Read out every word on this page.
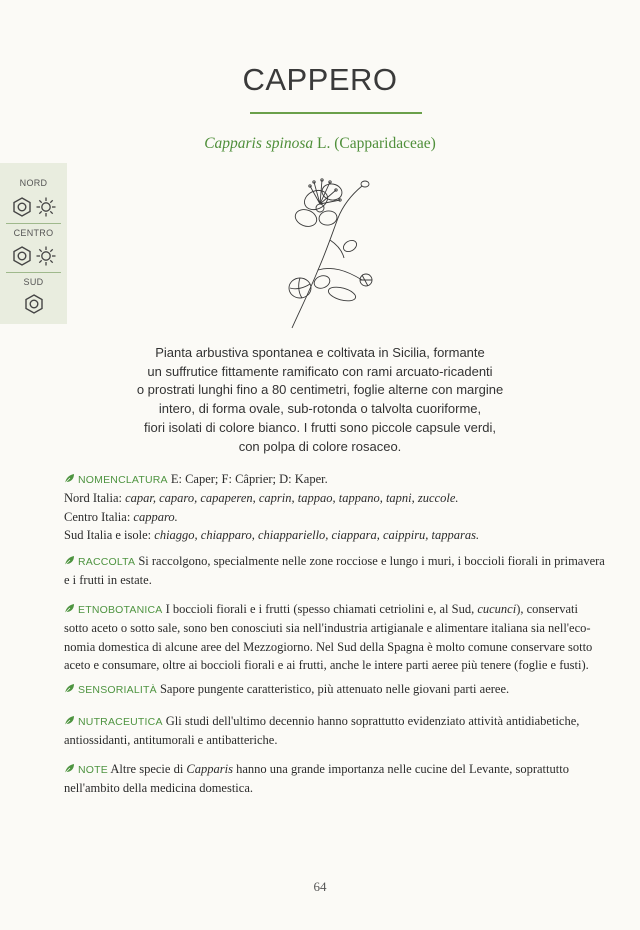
CAPPERO
Capparis spinosa L. (Capparidaceae)
NORD

CENTRO

SUD
Pianta arbustiva spontanea e coltivata in Sicilia, formante
un suffrutice fittamente ramificato con rami arcuato-ricadenti
o prostrati lunghi fino a 80 centimetri, foglie alterne con margine
intero, di forma ovale, sub-rotonda o talvolta cuoriforme,
fiori isolati di colore bianco. I frutti sono piccole capsule verdi,
con polpa di colore rosaceo.
NOMENCLATURA E: Caper; F: Câprier; D: Kaper.
Nord Italia: capar, caparo, capaperen, caprin, tappao, tappano, tapni, zuccole.
Centro Italia: capparo.
Sud Italia e isole: chiaggo, chiapparo, chiappariello, ciappara, caippiru, tapparas.
RACCOLTA Si raccolgono, specialmente nelle zone rocciose e lungo i muri, i boccioli fiorali in primavera
e i frutti in estate.
ETNOBOTANICA I boccioli fiorali e i frutti (spesso chiamati cetriolini e, al Sud, cucunci), conservati
sotto aceto o sotto sale, sono ben conosciuti sia nell'industria artigianale e alimentare italiana sia nell'eco-
nomia domestica di alcune aree del Mezzogiorno. Nel Sud della Spagna è molto comune conservare sotto
aceto e consumare, oltre ai boccioli fiorali e ai frutti, anche le intere parti aeree più tenere (foglie e fusti).
SENSORIALITÀ Sapore pungente caratteristico, più attenuato nelle giovani parti aeree.
NUTRACEUTICA Gli studi dell'ultimo decennio hanno soprattutto evidenziato attività antidiabetiche,
antiossidanti, antitumorali e antibatteriche.
NOTE Altre specie di Capparis hanno una grande importanza nelle cucine del Levante, soprattutto
nell'ambito della medicina domestica.
64
